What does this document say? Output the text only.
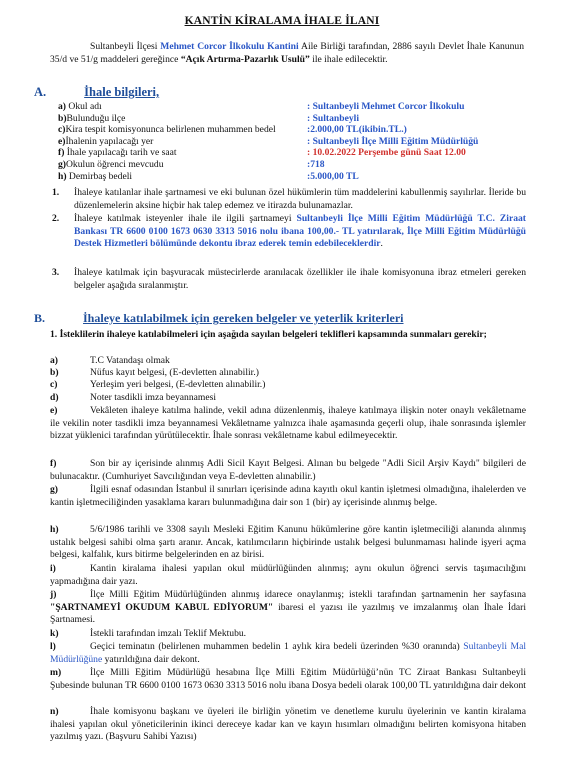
KANTİN KİRALAMA İHALE İLANI
Sultanbeyli İlçesi Mehmet Corcor İlkokulu Kantini Aile Birliği tarafından, 2886 sayılı Devlet İhale Kanunun 35/d ve 51/g maddeleri gereğince “Açık Artırma-Pazarlık Usulü” ile ihale edilecektir.
A.	İhale bilgileri,
a) Okul adı	: Sultanbeyli Mehmet Corcor İlkokulu
b)Bulunduğu ilçe	: Sultanbeyli
c)Kira tespit komisyonunca belirlenen muhammen bedel	:2.000,00 TL(ikibin.TL.)
e)İhalenin yapılacağı yer	: Sultanbeyli İlçe Milli Eğitim Müdürlüğü
f) İhale yapılacağı tarih ve saat	: 10.02.2022 Perşembe günü Saat 12.00
g)Okulun öğrenci mevcudu	:718
h) Demirbaş bedeli	:5.000,00 TL
1. İhaleye katılanlar ihale şartnamesi ve eki bulunan özel hükümlerin tüm maddelerini kabullenmiş sayılırlar. İleride bu düzenlemelerin aksine hiçbir hak talep edemez ve itirazda bulunamazlar.
2. İhaleye katılmak isteyenler ihale ile ilgili şartnameyi Sultanbeyli İlçe Milli Eğitim Müdürlüğü T.C. Ziraat Bankası TR 6600 0100 1673 0630 3313 5016 nolu ibana 100,00.- TL yatırılarak, İlçe Milli Eğitim Müdürlüğü Destek Hizmetleri bölümünde dekontu ibraz ederek temin edebileceklerdir.
3. İhaleye katılmak için başvuracak müstecirlerde aranılacak özellikler ile ihale komisyonuna ibraz etmeleri gereken belgeler aşağıda sıralanmıştır.
B.	İhaleye katılabilmek için gereken belgeler ve yeterlik kriterleri
1. İsteklilerin ihaleye katılabilmeleri için aşağıda sayılan belgeleri teklifleri kapsamında sunmaları gerekir;
a)	T.C Vatandaşı olmak
b)	Nüfus kayıt belgesi, (E-devletten alınabilir.)
c)	Yerleşim yeri belgesi, (E-devletten alınabilir.)
d)	Noter tasdikli imza beyannamesi
e)	Vekâleten ihaleye katılma halinde, vekil adına düzenlenmiş, ihaleye katılmaya ilişkin noter onaylı vekâletname ile vekilin noter tasdikli imza beyannamesi Vekâletname yalnızca ihale aşamasında geçerli olup, ihale sonrasında işlemler bizzat yüklenici tarafından yürütülecektir. İhale sonrası vekâletname kabul edilmeyecektir.
f)	Son bir ay içerisinde alınmış Adli Sicil Kayıt Belgesi. Alınan bu belgede "Adli Sicil Arşiv Kaydı" bilgileri de bulunacaktır. (Cumhuriyet Savcılığından veya E-devletten alınabilir.)
g)	İlgili esnaf odasından İstanbul il sınırları içerisinde adına kayıtlı okul kantin işletmesi olmadığına, ihalelerden ve kantin işletmeciliğinden yasaklama kararı bulunmadığına dair son 1 (bir) ay içerisinde alınmış belge.
h)	5/6/1986 tarihli ve 3308 sayılı Mesleki Eğitim Kanunu hükümlerine göre kantin işletmeciliği alanında alınmış ustalık belgesi sahibi olma şartı aranır. Ancak, katılımcıların hiçbirinde ustalık belgesi bulunmaması halinde işyeri açma belgesi, kalfalık, kurs bitirme belgelerinden en az birisi.
i)	Kantin kiralama ihalesi yapılan okul müdürlüğünden alınmış; aynı okulun öğrenci servis taşımacılığını yapmadığına dair yazı.
j)	İlçe Milli Eğitim Müdürlüğünden alınmış idarece onaylanmış; istekli tarafından şartnamenin her sayfasına "ŞARTNAMEYİ OKUDUM KABUL EDİYORUM" ibaresi el yazısı ile yazılmış ve imzalanmış olan İhale İdari Şartnamesi.
k)	İstekli tarafından imzalı Teklif Mektubu.
l)	Geçici teminatın (belirlenen muhammen bedelin 1 aylık kira bedeli üzerinden %30 oranında) Sultanbeyli Mal Müdürlüğüne yatırıldığına dair dekont.
m)	İlçe Milli Eğitim Müdürlüğü hesabına İlçe Milli Eğitim Müdürlüğü’nün TC Ziraat Bankası Sultanbeyli Şubesinde bulunan TR 6600 0100 1673 0630 3313 5016 nolu ibana Dosya bedeli olarak 100,00 TL yatırıldığına dair dekont
n)	İhale komisyonu başkanı ve üyeleri ile birliğin yönetim ve denetleme kurulu üyelerinin ve kantin kiralama ihalesi yapılan okul yöneticilerinin ikinci dereceye kadar kan ve kayın hısımları olmadığını belirten komisyona hitaben yazılmış yazı. (Başvuru Sahibi Yazısı)
